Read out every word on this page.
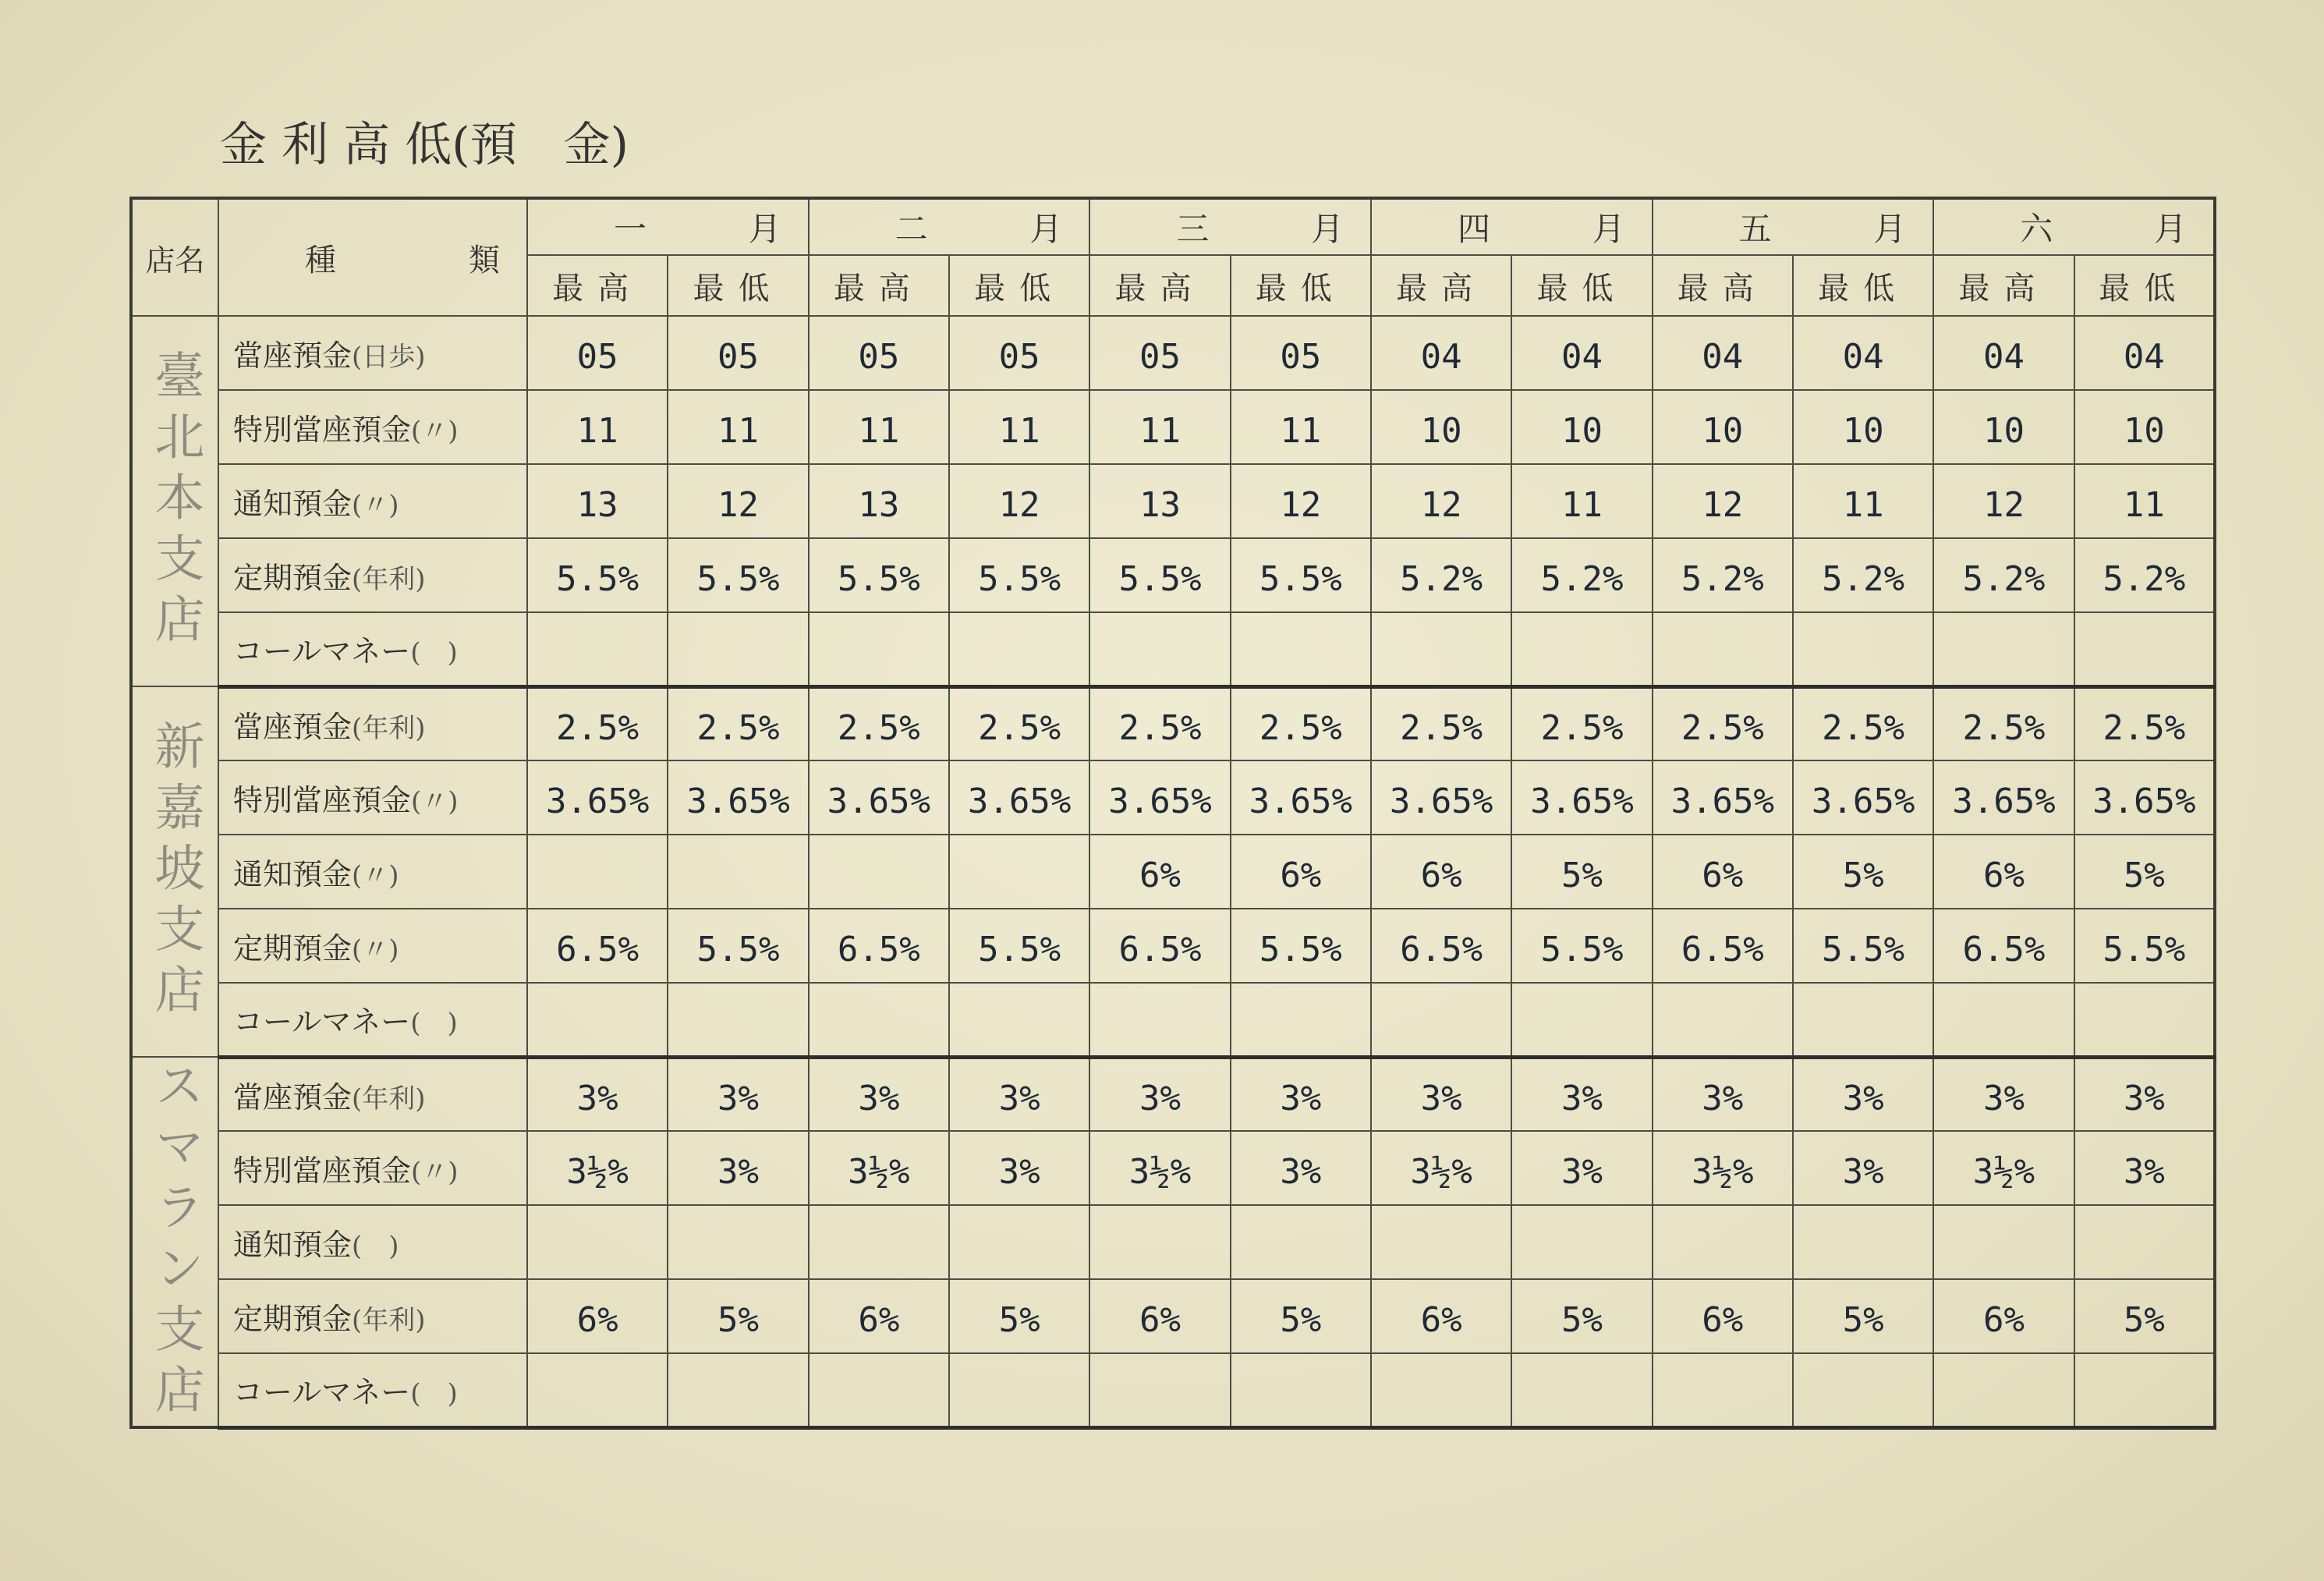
金 利 高 低(預　金)
店名	種 類	一 月		二 月		三 月		四 月		五 月		六 月	

		最高	最低	最高	最低	最高	最低	最高	最低	最高	最低	最高	最低
臺北本支店	當座預金(日歩)	05	05	05	05	05	05	04	04	04	04	04	04
	特別當座預金(〃)	11	11	11	11	11	11	10	10	10	10	10	10
	通知預金(〃)	13	12	13	12	13	12	12	11	12	11	12	11
	定期預金(年利)	5.5%	5.5%	5.5%	5.5%	5.5%	5.5%	5.2%	5.2%	5.2%	5.2%	5.2%	5.2%
	コールマネー(　)												
新嘉坡支店	當座預金(年利)	2.5%	2.5%	2.5%	2.5%	2.5%	2.5%	2.5%	2.5%	2.5%	2.5%	2.5%	2.5%
	特別當座預金(〃)	3.65%	3.65%	3.65%	3.65%	3.65%	3.65%	3.65%	3.65%	3.65%	3.65%	3.65%	3.65%
	通知預金(〃)					6%	6%	6%	5%	6%	5%	6%	5%
	定期預金(〃)	6.5%	5.5%	6.5%	5.5%	6.5%	5.5%	6.5%	5.5%	6.5%	5.5%	6.5%	5.5%
	コールマネー(　)												
スマラン支店	當座預金(年利)	3%	3%	3%	3%	3%	3%	3%	3%	3%	3%	3%	3%
	特別當座預金(〃)	3½%	3%	3½%	3%	3½%	3%	3½%	3%	3½%	3%	3½%	3%
	通知預金(　)												
	定期預金(年利)	6%	5%	6%	5%	6%	5%	6%	5%	6%	5%	6%	5%
	コールマネー(　)												
